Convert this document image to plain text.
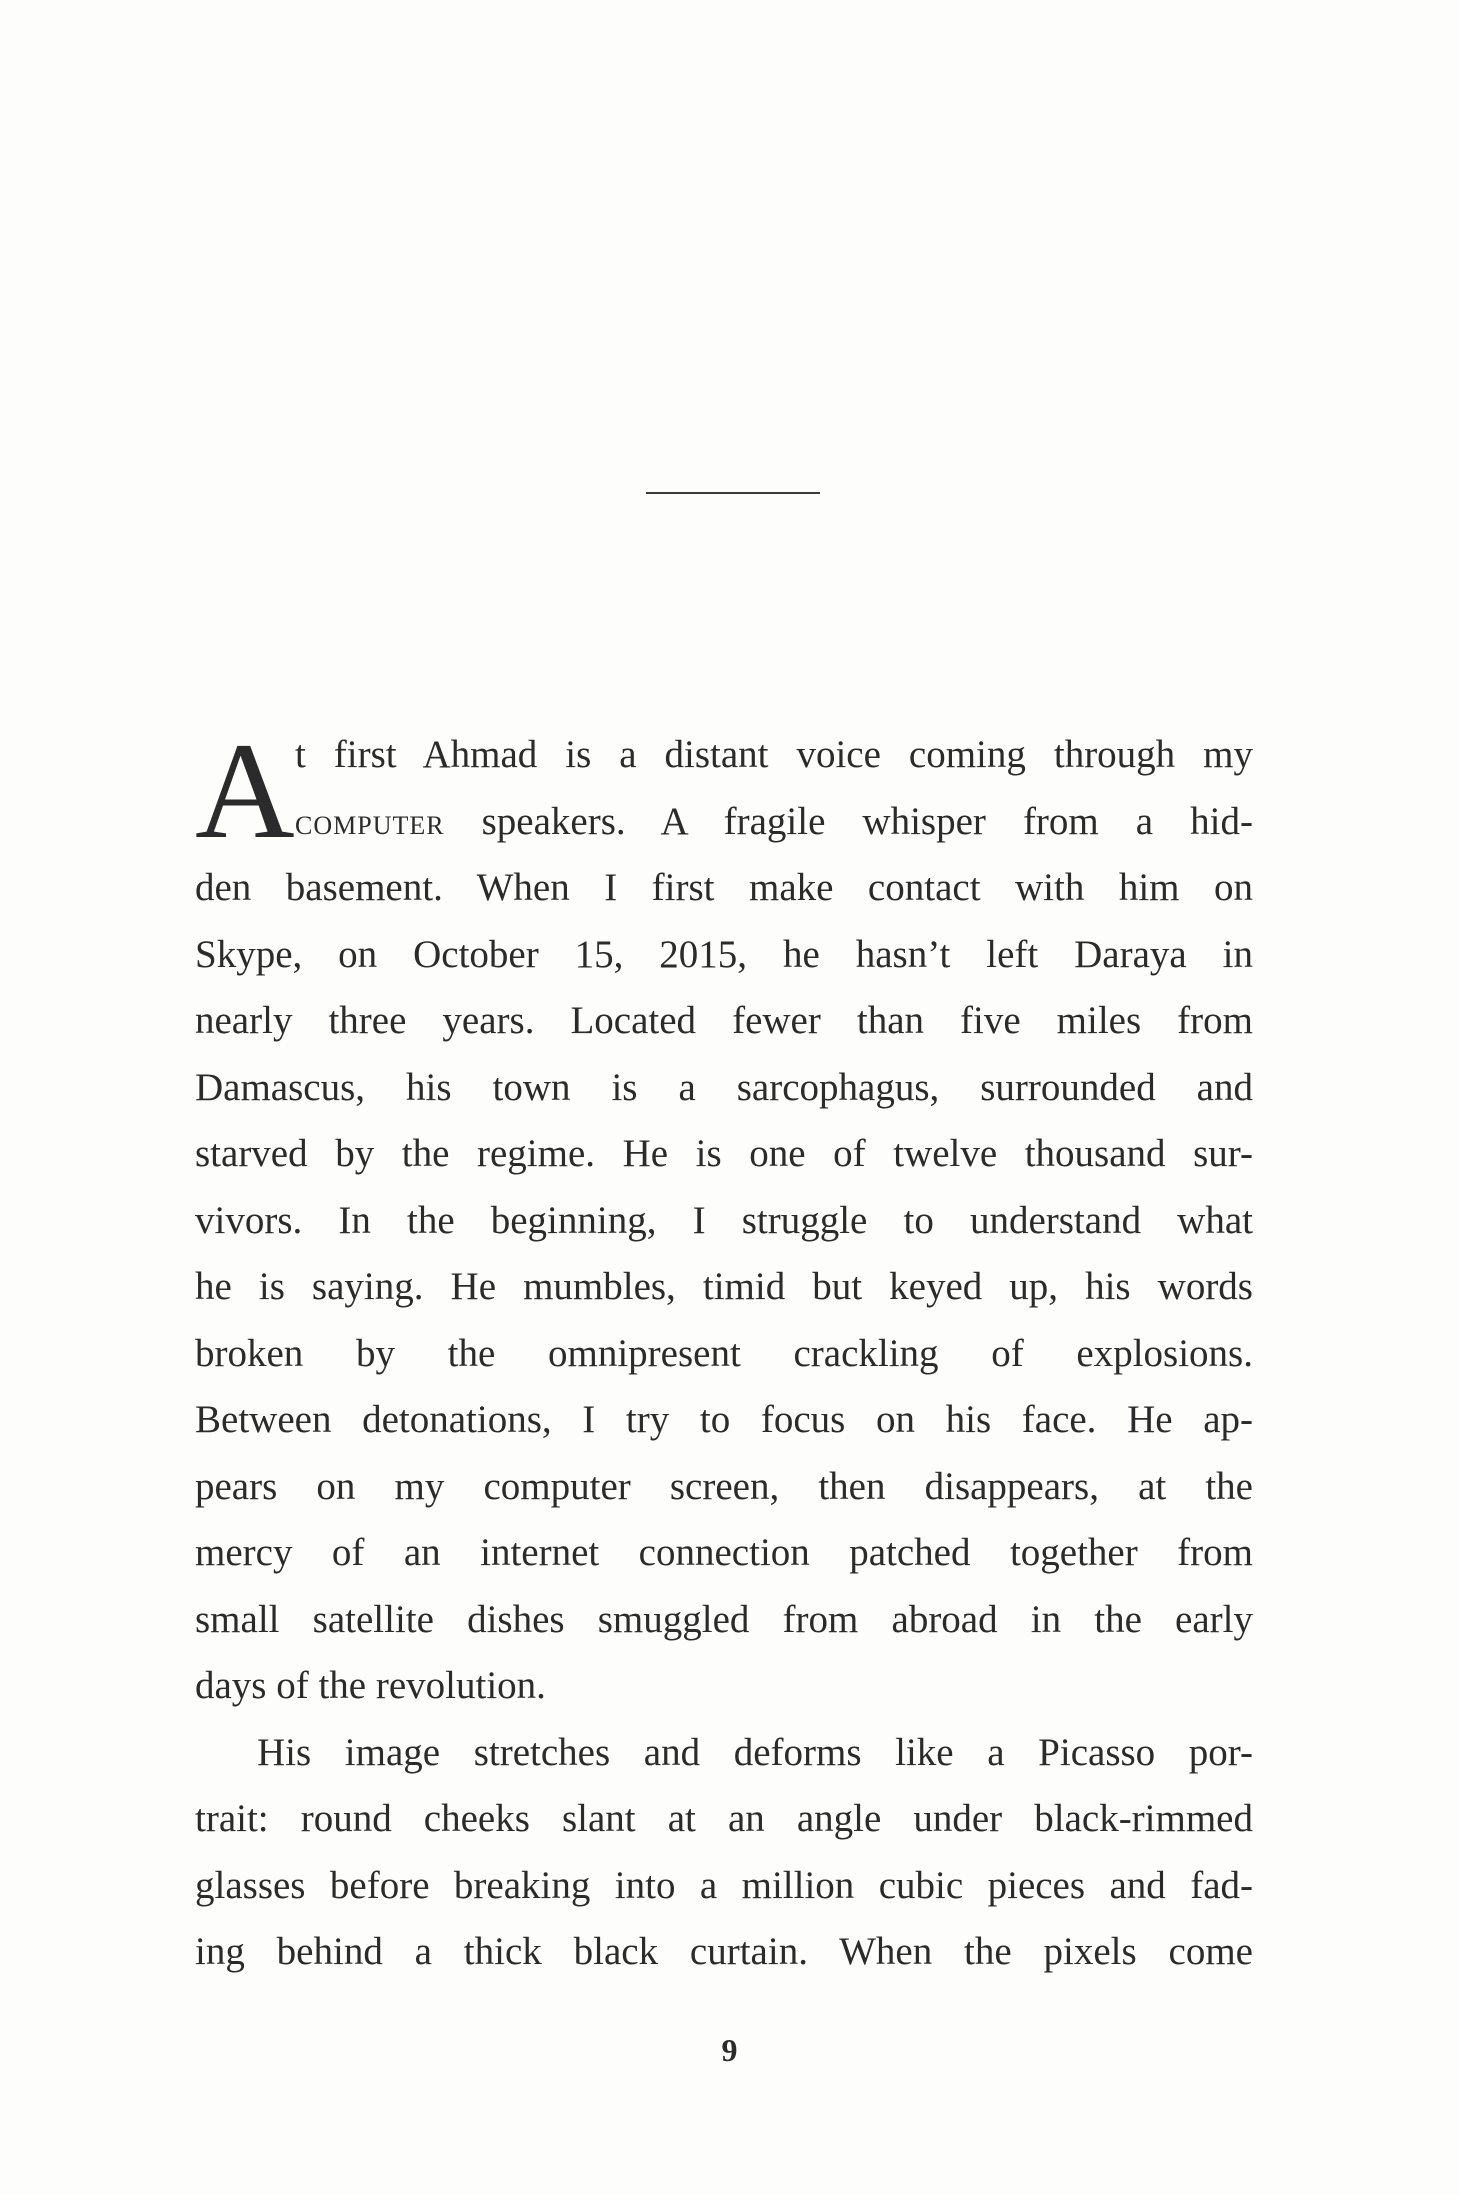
A t first Ahmad is a distant voice coming through my
computer speakers. A fragile whisper from a hid-
den basement. When I first make contact with him on
Skype, on October 15, 2015, he hasn’t left Daraya in
nearly three years. Located fewer than five miles from
Damascus, his town is a sarcophagus, surrounded and
starved by the regime. He is one of twelve thousand sur-
vivors. In the beginning, I struggle to understand what
he is saying. He mumbles, timid but keyed up, his words
broken by the omnipresent crackling of explosions.
Between detonations, I try to focus on his face. He ap-
pears on my computer screen, then disappears, at the
mercy of an internet connection patched together from
small satellite dishes smuggled from abroad in the early
days of the revolution.
His image stretches and deforms like a Picasso por-
trait: round cheeks slant at an angle under black-rimmed
glasses before breaking into a million cubic pieces and fad-
ing behind a thick black curtain. When the pixels come
9
